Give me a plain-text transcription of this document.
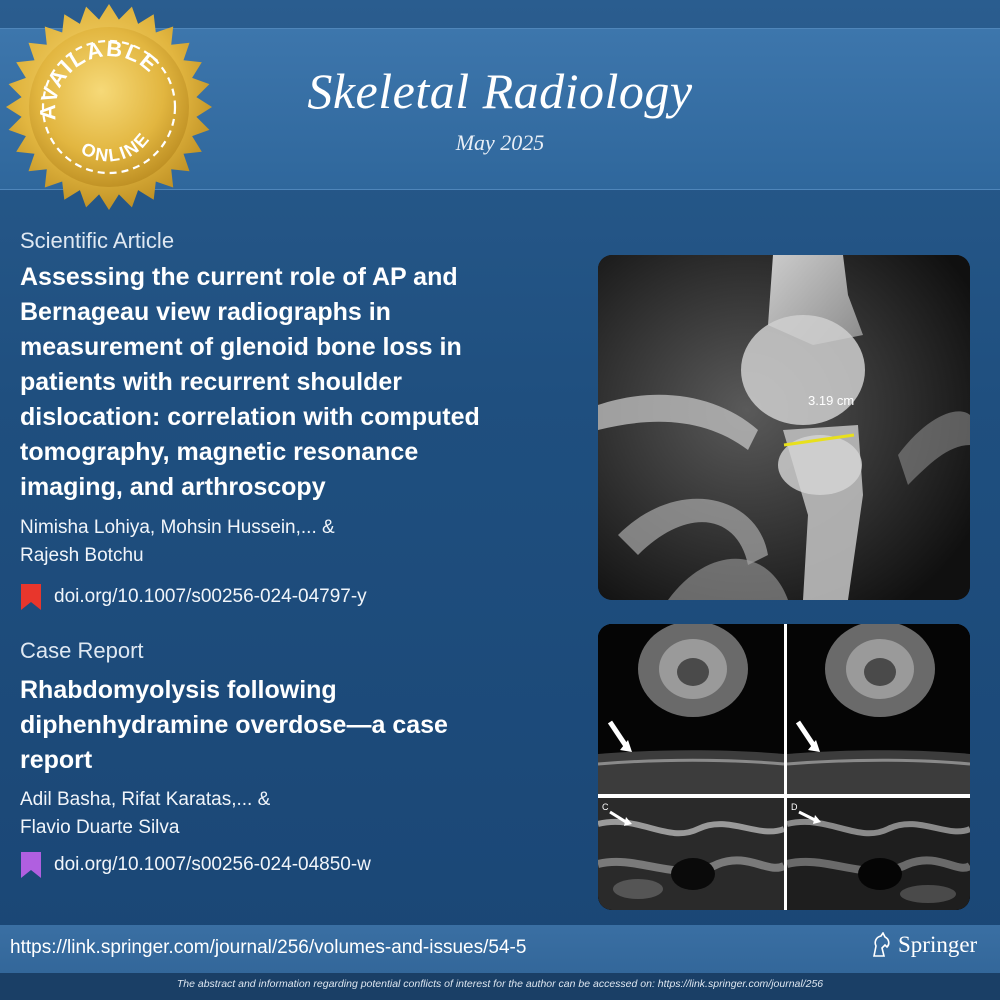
Skeletal Radiology
May 2025
AVAILABLE
ONLINE
Scientific Article
Assessing the current role of AP and
Bernageau view radiographs in
measurement of glenoid bone loss in
patients with recurrent shoulder
dislocation: correlation with computed
tomography, magnetic resonance
imaging, and arthroscopy
Nimisha Lohiya, Mohsin Hussein,... &
Rajesh Botchu
doi.org/10.1007/s00256-024-04797-y
3.19 cm
Case Report
Rhabdomyolysis following
diphenhydramine overdose—a case
report
Adil Basha, Rifat Karatas,... &
Flavio Duarte Silva
doi.org/10.1007/s00256-024-04850-w
C	D
https://link.springer.com/journal/256/volumes-and-issues/54-5	Springer
The abstract and information regarding potential conflicts of interest for the author can be accessed on: https://link.springer.com/journal/256
